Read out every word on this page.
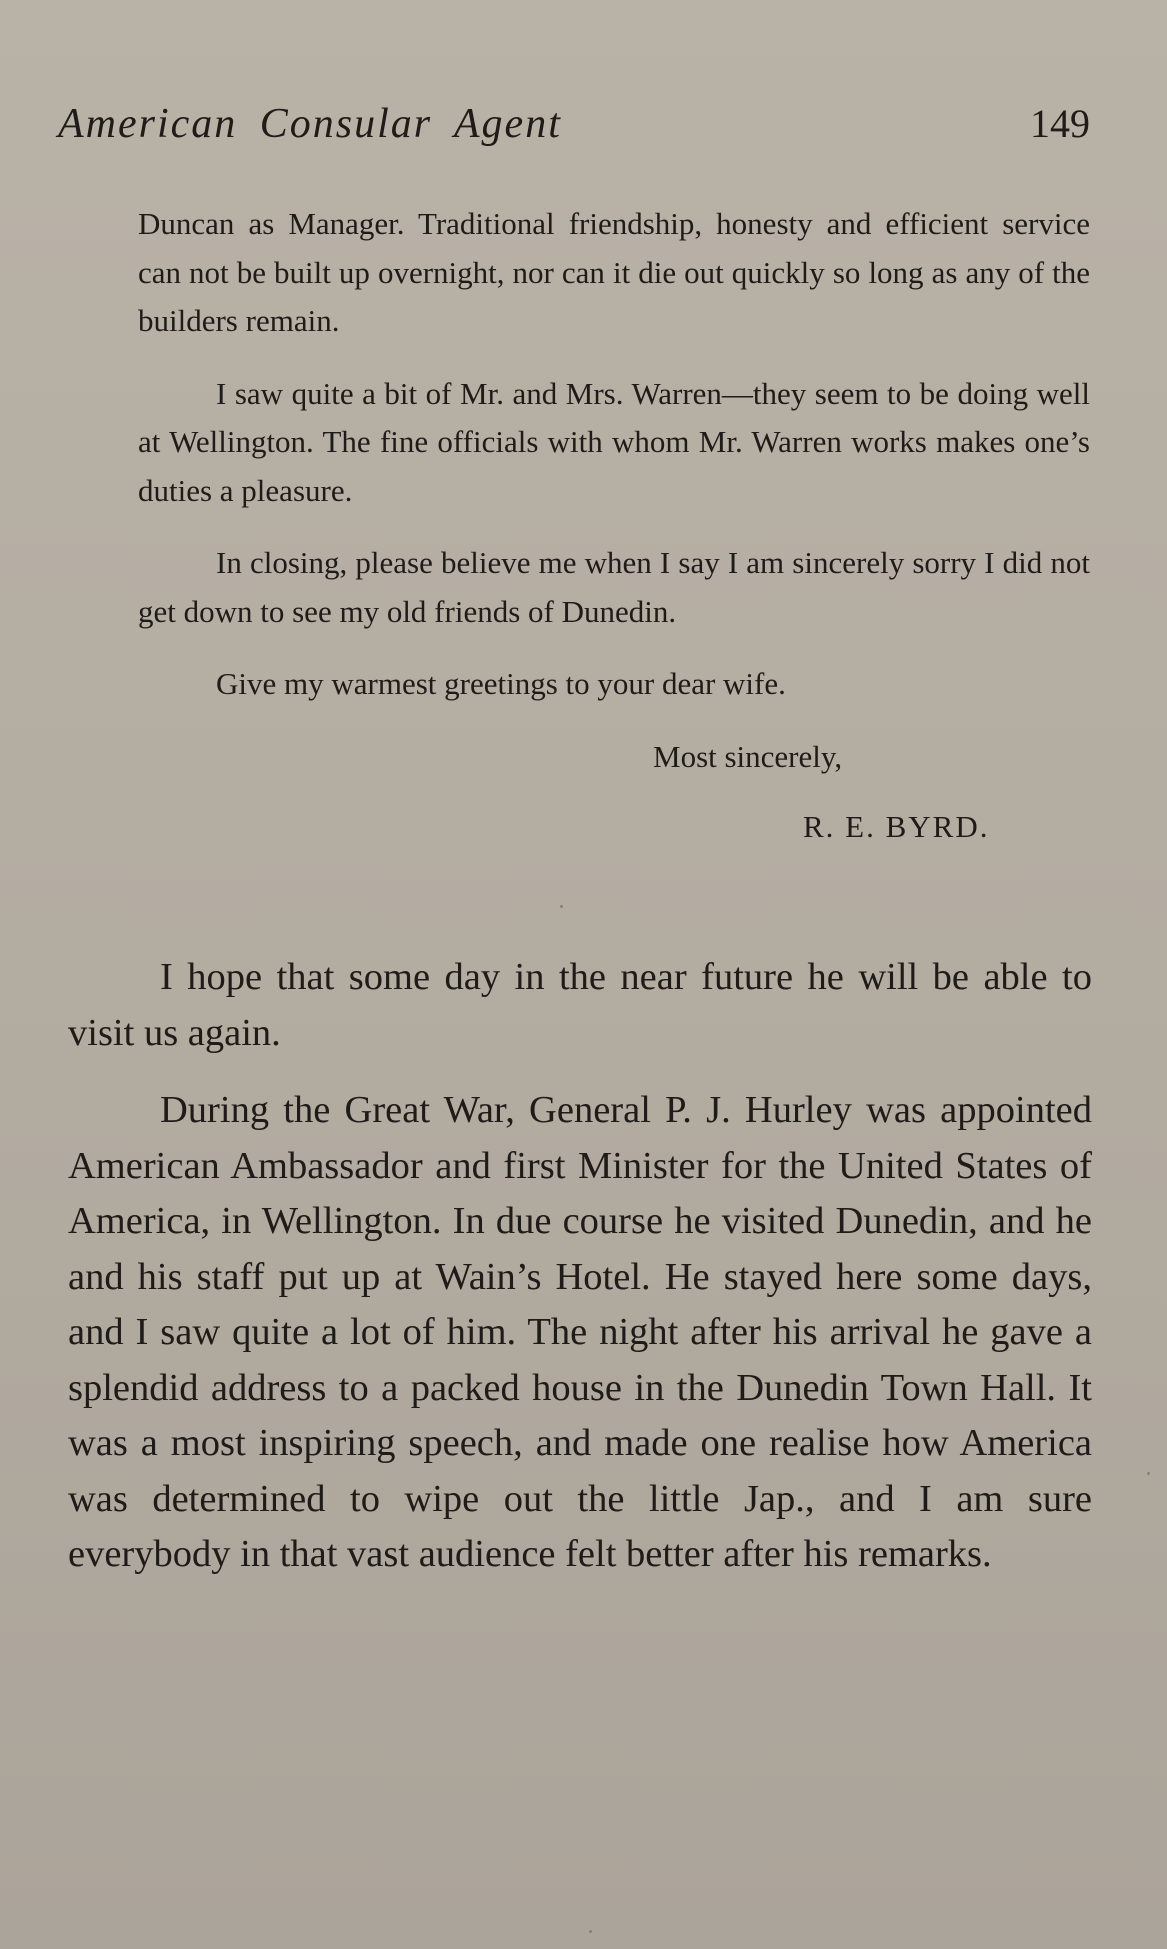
American Consular Agent	149

Duncan as Manager. Traditional friendship, honesty and efficient service can not be built up overnight, nor can it die out quickly so long as any of the builders remain.

I saw quite a bit of Mr. and Mrs. Warren—they seem to be doing well at Wellington. The fine officials with whom Mr. Warren works makes one’s duties a pleasure.

In closing, please believe me when I say I am sincerely sorry I did not get down to see my old friends of Dunedin.

Give my warmest greetings to your dear wife.

Most sincerely,
R. E. BYRD.

I hope that some day in the near future he will be able to visit us again.

During the Great War, General P. J. Hurley was appointed American Ambassador and first Minister for the United States of America, in Wellington. In due course he visited Dunedin, and he and his staff put up at Wain’s Hotel. He stayed here some days, and I saw quite a lot of him. The night after his arrival he gave a splendid address to a packed house in the Dunedin Town Hall. It was a most inspiring speech, and made one realise how America was determined to wipe out the little Jap., and I am sure everybody in that vast audience felt better after his remarks.
